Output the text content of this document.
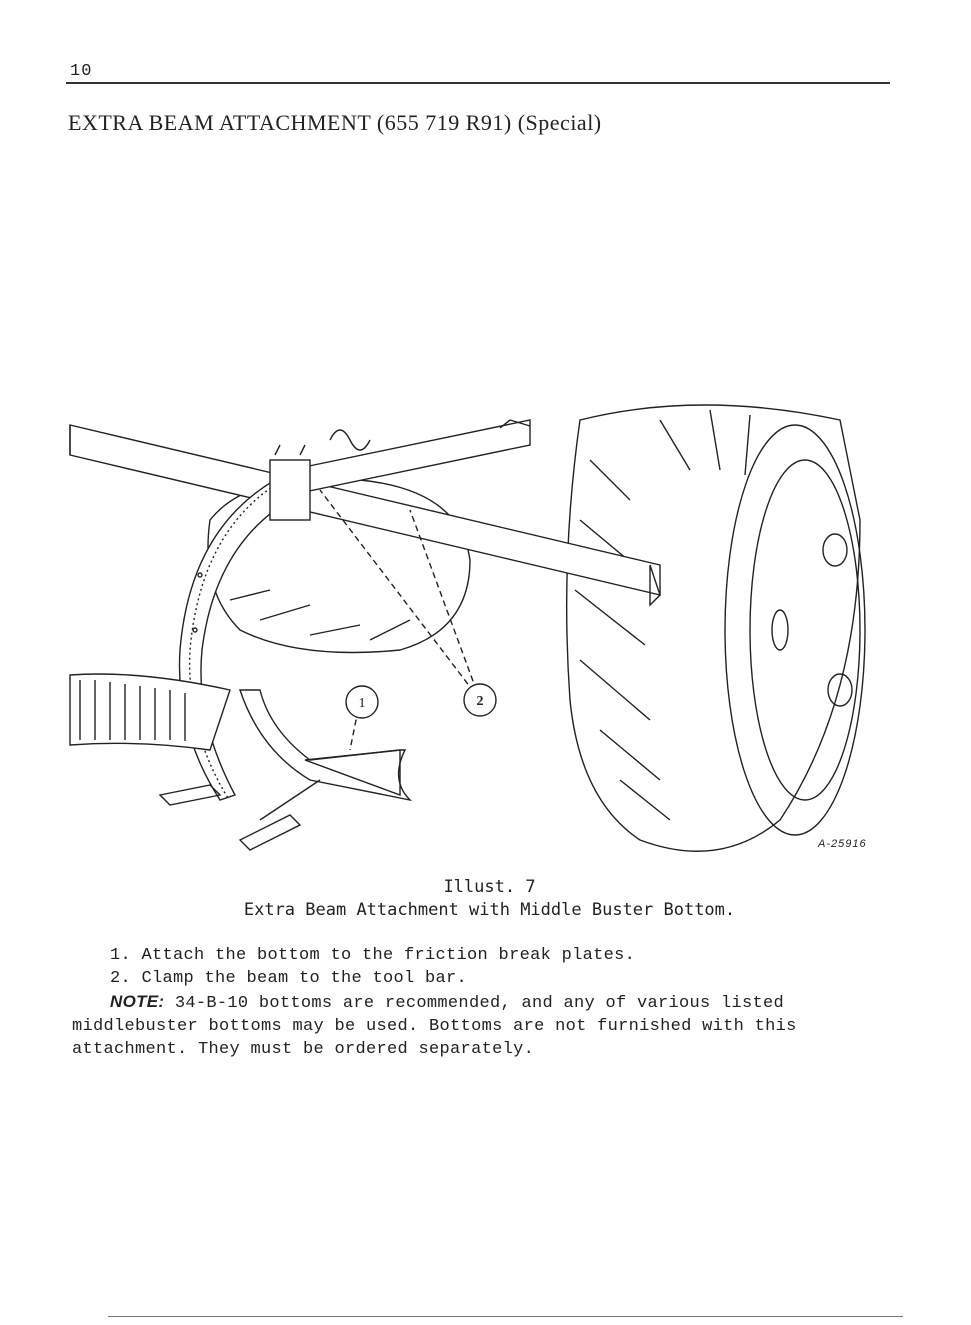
10
EXTRA BEAM ATTACHMENT (655 719 R91) (Special)
1	2
A-25916
Illust. 7
Extra Beam Attachment with Middle Buster Bottom.
1. Attach the bottom to the friction break plates.
2. Clamp the beam to the tool bar.
NOTE: 34-B-10 bottoms are recommended, and any of various listed
middlebuster bottoms may be used. Bottoms are not furnished with this
attachment. They must be ordered separately.
